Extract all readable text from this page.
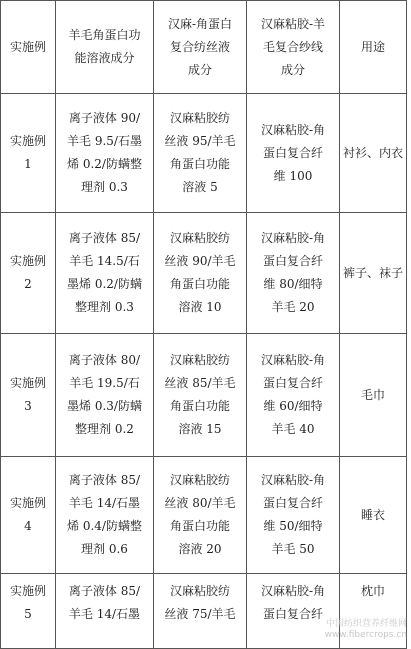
实施例	羊毛角蛋白功
能溶液成分	汉麻-角蛋白
复合纺丝液
成分	汉麻粘胶-羊
毛复合纱线
成分	用途

实施例
1	离子液体 90/
羊毛 9.5/石墨
烯 0.2/防螨整
理剂 0.3	汉麻粘胶纺
丝液 95/羊毛
角蛋白功能
溶液 5	汉麻粘胶-角
蛋白复合纤
维 100	衬衫、内衣

实施例
2	离子液体 85/
羊毛 14.5/石
墨烯 0.2/防螨
整理剂 0.3	汉麻粘胶纺
丝液 90/羊毛
角蛋白功能
溶液 10	汉麻粘胶-角
蛋白复合纤
维 80/细特
羊毛 20	裤子、袜子

实施例
3	离子液体 80/
羊毛 19.5/石
墨烯 0.3/防螨
整理剂 0.2	汉麻粘胶纺
丝液 85/羊毛
角蛋白功能
溶液 15	汉麻粘胶-角
蛋白复合纤
维 60/细特
羊毛 40	毛巾

实施例
4	离子液体 85/
羊毛 14/石墨
烯 0.4/防螨整
理剂 0.6	汉麻粘胶纺
丝液 80/羊毛
角蛋白功能
溶液 20	汉麻粘胶-角
蛋白复合纤
维 50/细特
羊毛 50	睡衣

实施例
5	离子液体 85/
羊毛 14/石墨	汉麻粘胶纺
丝液 75/羊毛	汉麻粘胶-角
蛋白复合纤	枕巾
中国纺织营养纤维网
www.fibercrops.cn
